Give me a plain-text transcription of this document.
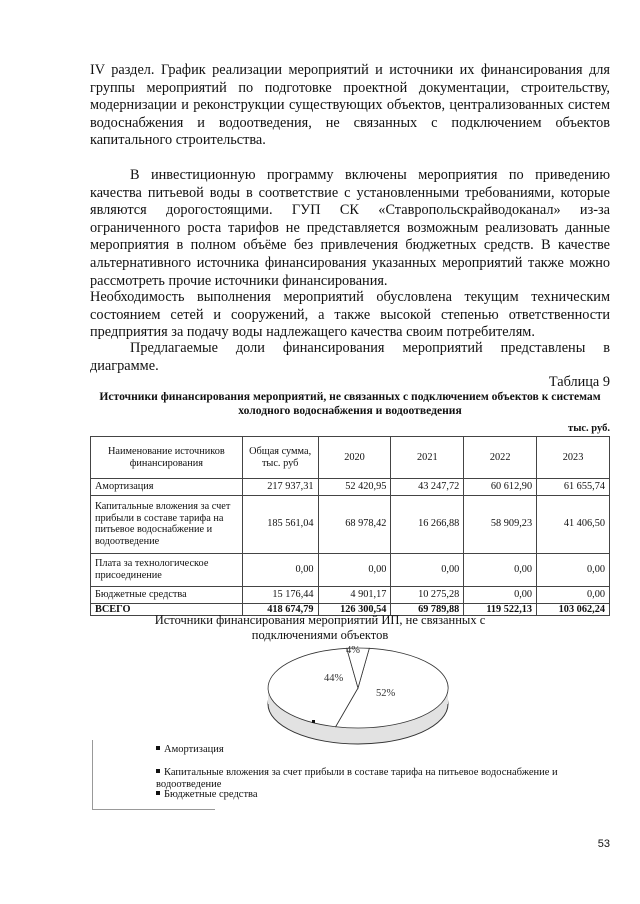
IV раздел. График реализации мероприятий и источники их финансирования для группы мероприятий по подготовке проектной документации, строительству, модернизации и реконструкции существующих объектов, централизованных систем водоснабжения и водоотведения, не связанных с подключением объектов капитального строительства.

В инвестиционную программу включены мероприятия по приведению качества питьевой воды в соответствие с установленными требованиями, которые являются дорогостоящими. ГУП СК «Ставропольскрайводоканал» из-за ограниченного роста тарифов не представляется возможным реализовать данные мероприятия в полном объёме без привлечения бюджетных средств. В качестве альтернативного источника финансирования указанных мероприятий также можно рассмотреть прочие источники финансирования.

Необходимость выполнения мероприятий обусловлена текущим техническим состоянием сетей и сооружений, а также высокой степенью ответственности предприятия за подачу воды надлежащего качества своим потребителям.

Предлагаемые доли финансирования мероприятий представлены в диаграмме.

Таблица 9
Источники финансирования мероприятий, не связанных с подключением объектов к системам холодного водоснабжения и водоотведения
тыс. руб.
Наименование источников финансирования	Общая сумма, тыс. руб	2020	2021	2022	2023
Амортизация	217 937,31	52 420,95	43 247,72	60 612,90	61 655,74
Капитальные вложения за счет прибыли в составе тарифа на питьевое водоснабжение и водоотведение	185 561,04	68 978,42	16 266,88	58 909,23	41 406,50
Плата за технологическое присоединение	0,00	0,00	0,00	0,00	0,00
Бюджетные средства	15 176,44	4 901,17	10 275,28	0,00	0,00
ВСЕГО	418 674,79	126 300,54	69 789,88	119 522,13	103 062,24
Источники финансирования мероприятий ИП, не связанных с подключениями объектов
52%
44%
4%
Амортизация
Капитальные вложения за счет прибыли в составе тарифа на питьевое водоснабжение и водоотведение
Бюджетные средства
53
